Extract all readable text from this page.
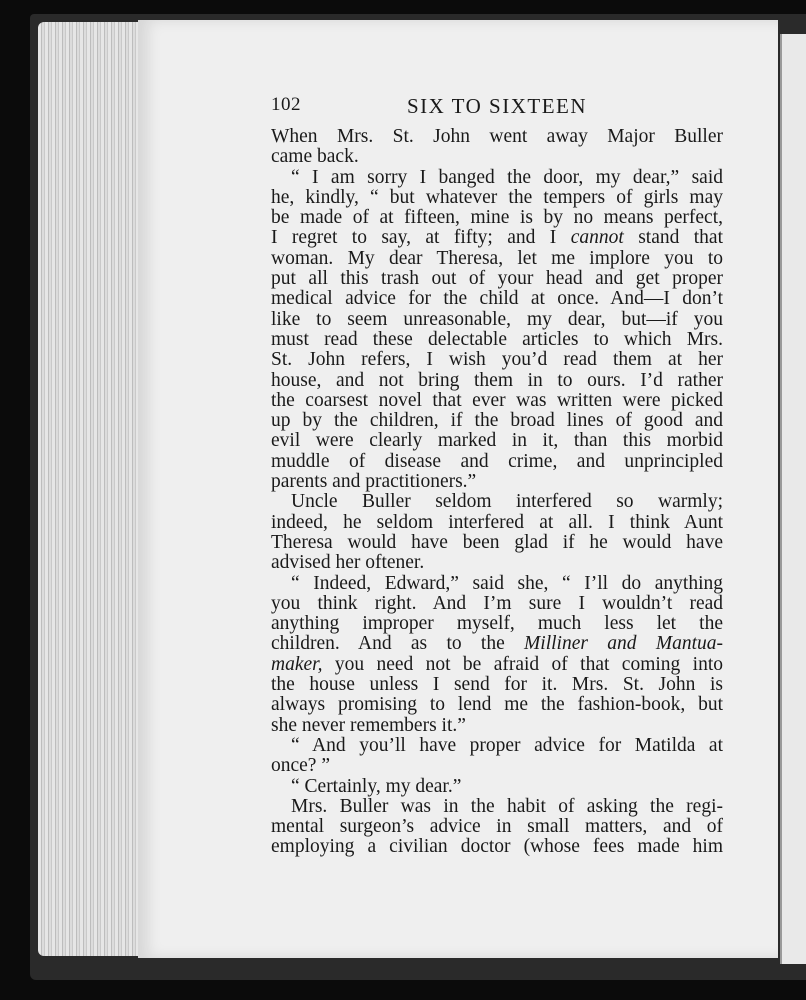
102	SIX TO SIXTEEN
When Mrs. St. John went away Major Buller
came back.
“ I am sorry I banged the door, my dear,” said
he, kindly, “ but whatever the tempers of girls may
be made of at fifteen, mine is by no means perfect,
I regret to say, at fifty; and I cannot stand that
woman. My dear Theresa, let me implore you to
put all this trash out of your head and get proper
medical advice for the child at once. And—I don’t
like to seem unreasonable, my dear, but—if you
must read these delectable articles to which Mrs.
St. John refers, I wish you’d read them at her
house, and not bring them in to ours. I’d rather
the coarsest novel that ever was written were picked
up by the children, if the broad lines of good and
evil were clearly marked in it, than this morbid
muddle of disease and crime, and unprincipled
parents and practitioners.”
Uncle Buller seldom interfered so warmly;
indeed, he seldom interfered at all. I think Aunt
Theresa would have been glad if he would have
advised her oftener.
“ Indeed, Edward,” said she, “ I’ll do anything
you think right. And I’m sure I wouldn’t read
anything improper myself, much less let the
children. And as to the Milliner and Mantua-
maker, you need not be afraid of that coming into
the house unless I send for it. Mrs. St. John is
always promising to lend me the fashion-book, but
she never remembers it.”
“ And you’ll have proper advice for Matilda at
once? ”
“ Certainly, my dear.”
Mrs. Buller was in the habit of asking the regi-
mental surgeon’s advice in small matters, and of
employing a civilian doctor (whose fees made him
